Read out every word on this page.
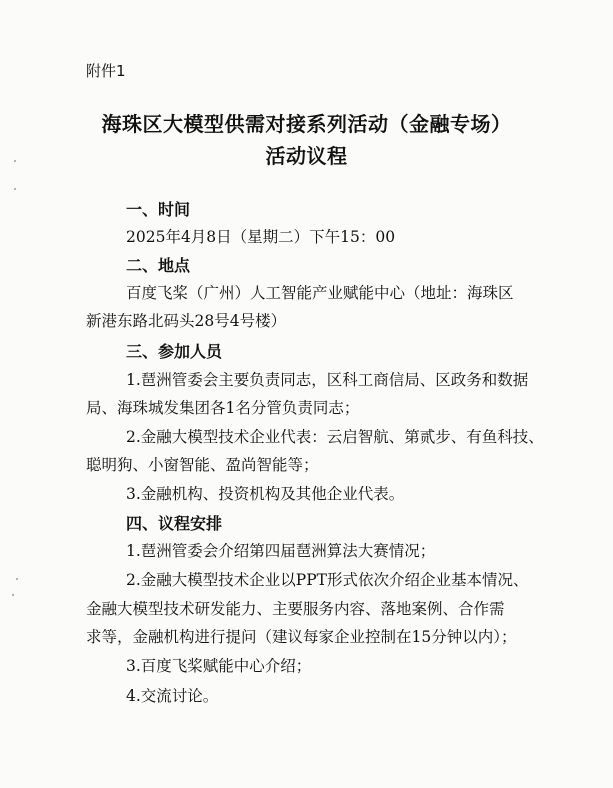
附件1
海珠区大模型供需对接系列活动（金融专场）
活动议程
一、时间
2025年4月8日（星期二）下午15：00
二、地点
百度飞桨（广州）人工智能产业赋能中心（地址：海珠区
新港东路北码头28号4号楼）
三、参加人员
1.琶洲管委会主要负责同志，区科工商信局、区政务和数据
局、海珠城发集团各1名分管负责同志；
2.金融大模型技术企业代表：云启智航、第贰步、有鱼科技、
聪明狗、小窗智能、盈尚智能等；
3.金融机构、投资机构及其他企业代表。
四、议程安排
1.琶洲管委会介绍第四届琶洲算法大赛情况；
2.金融大模型技术企业以PPT形式依次介绍企业基本情况、
金融大模型技术研发能力、主要服务内容、落地案例、合作需
求等，金融机构进行提问（建议每家企业控制在15分钟以内）；
3.百度飞桨赋能中心介绍；
4.交流讨论。
